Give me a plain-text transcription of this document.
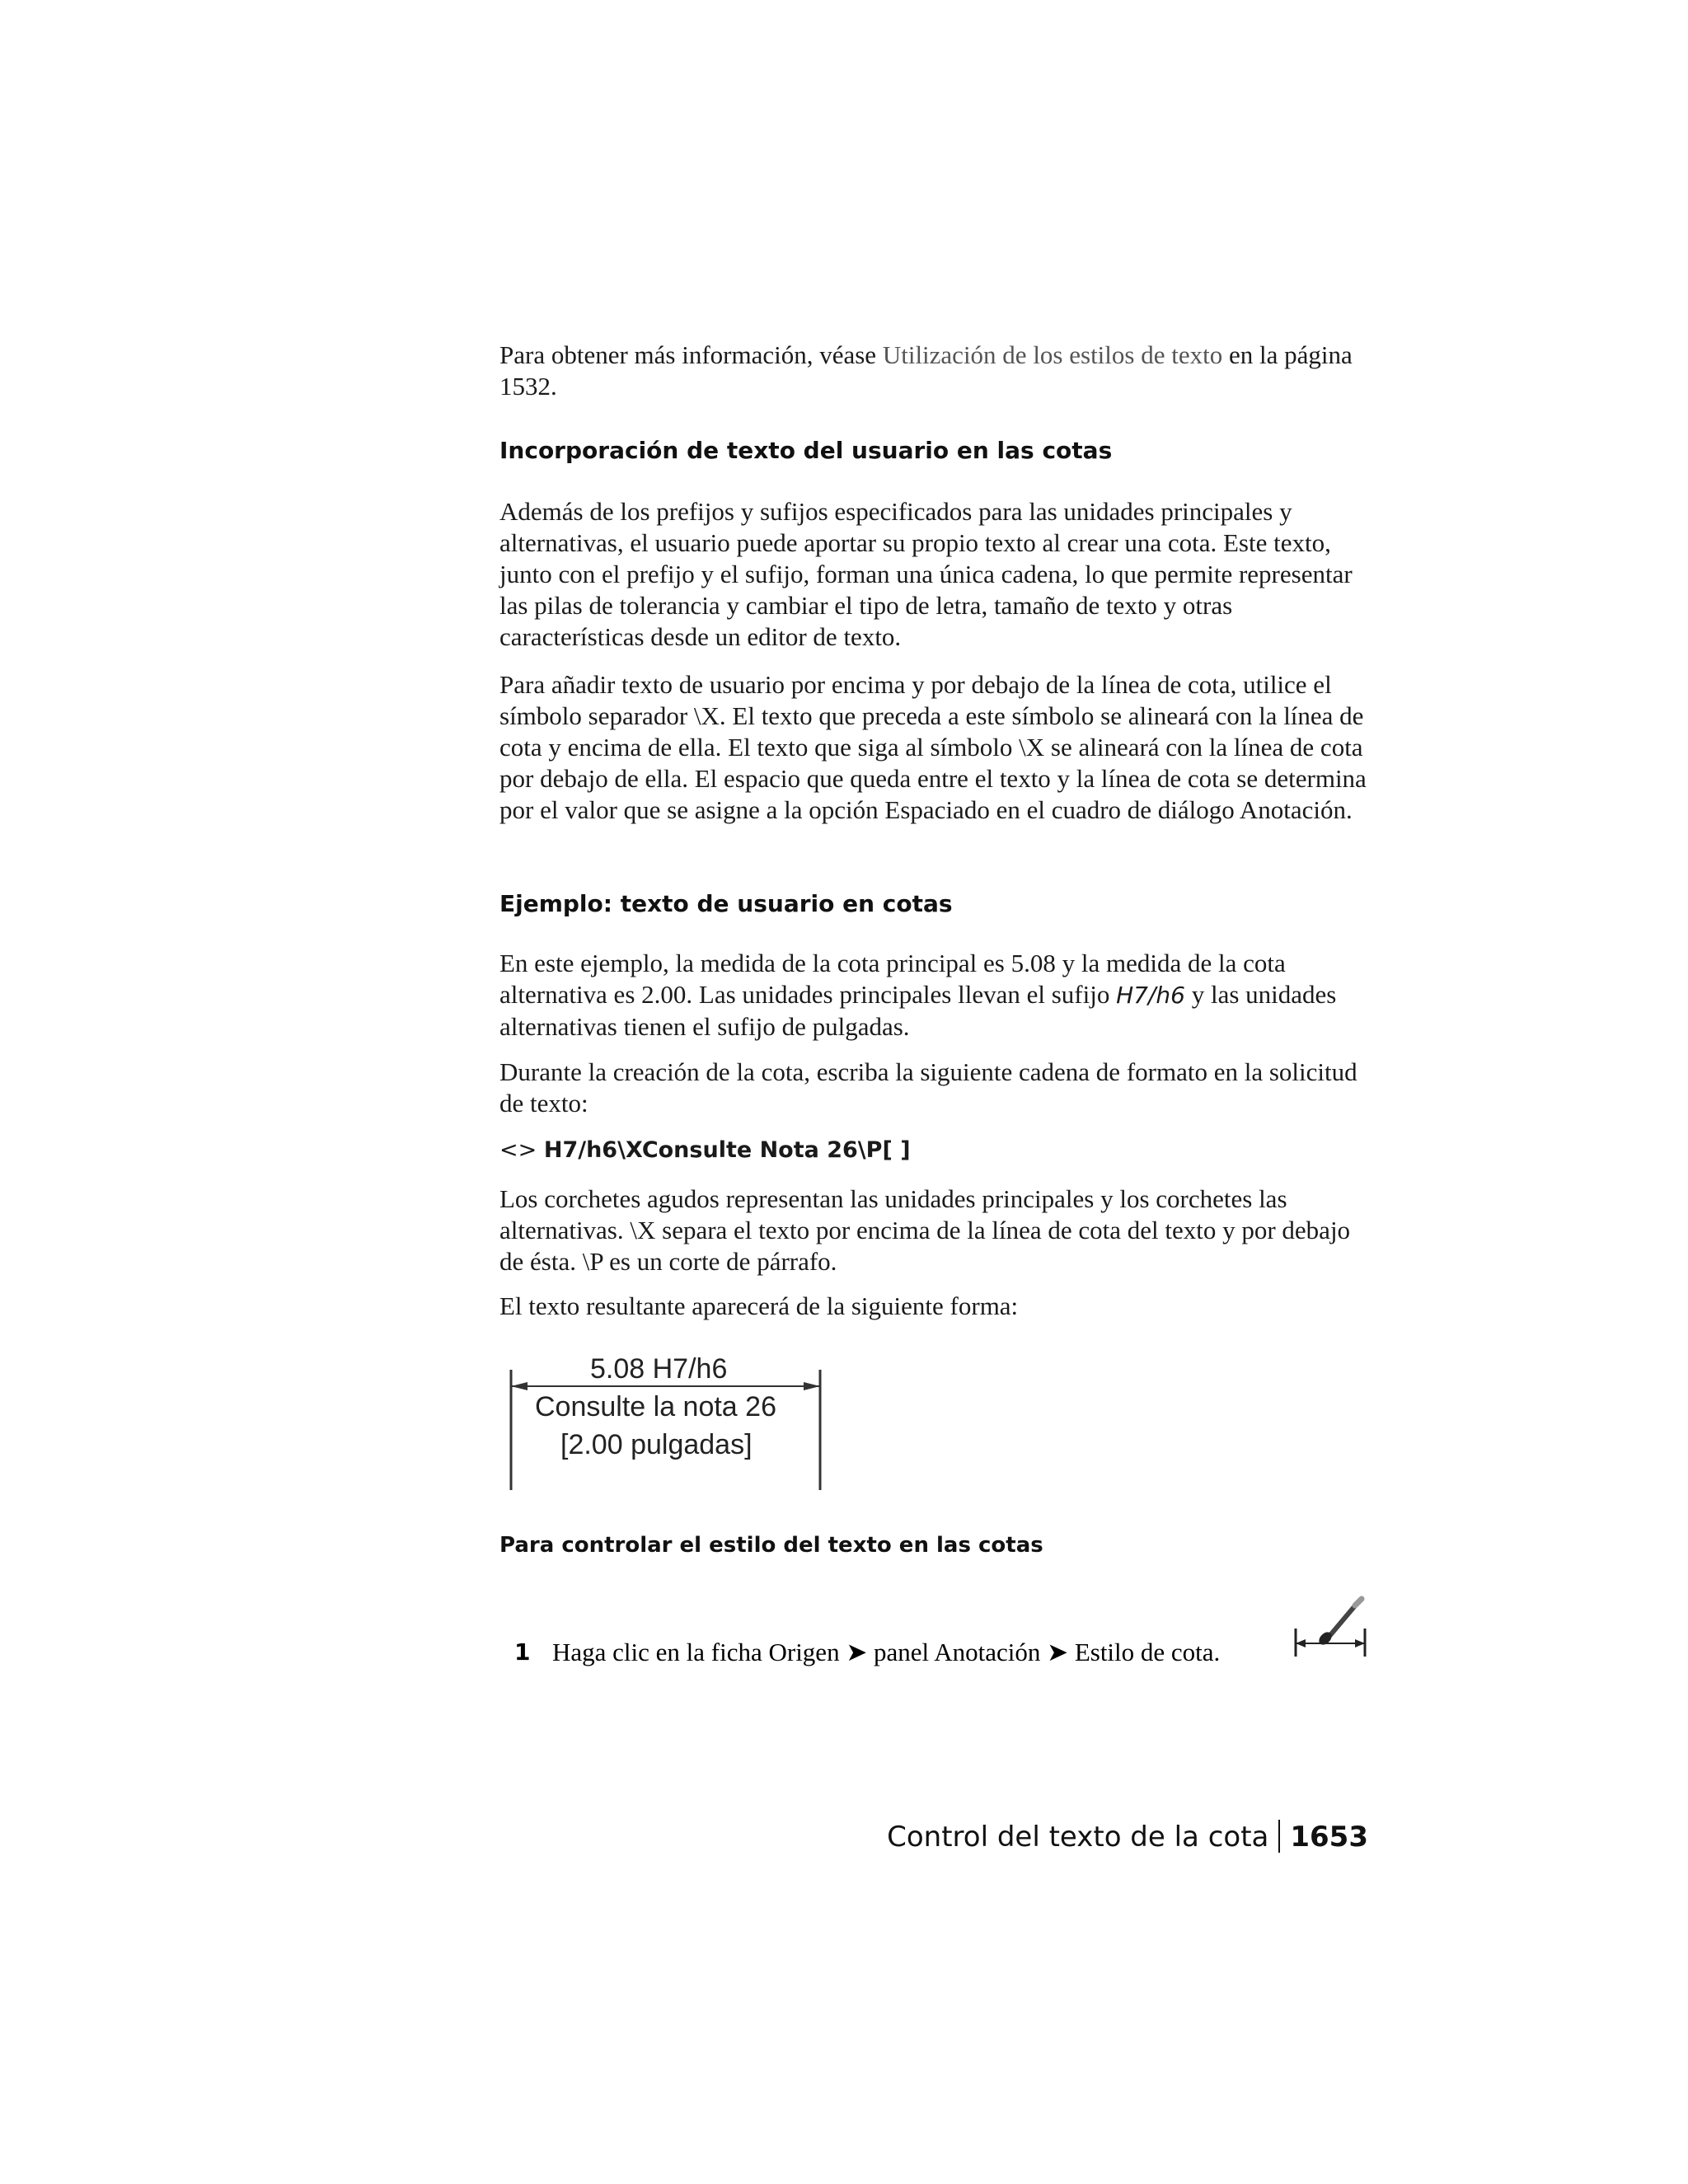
Para obtener más información, véase Utilización de los estilos de texto en la página 1532.

Incorporación de texto del usuario en las cotas

Además de los prefijos y sufijos especificados para las unidades principales y alternativas, el usuario puede aportar su propio texto al crear una cota. Este texto, junto con el prefijo y el sufijo, forman una única cadena, lo que permite representar las pilas de tolerancia y cambiar el tipo de letra, tamaño de texto y otras características desde un editor de texto.

Para añadir texto de usuario por encima y por debajo de la línea de cota, utilice el símbolo separador \X. El texto que preceda a este símbolo se alineará con la línea de cota y encima de ella. El texto que siga al símbolo \X se alineará con la línea de cota por debajo de ella. El espacio que queda entre el texto y la línea de cota se determina por el valor que se asigne a la opción Espaciado en el cuadro de diálogo Anotación.

Ejemplo: texto de usuario en cotas

En este ejemplo, la medida de la cota principal es 5.08 y la medida de la cota alternativa es 2.00. Las unidades principales llevan el sufijo H7/h6 y las unidades alternativas tienen el sufijo de pulgadas.

Durante la creación de la cota, escriba la siguiente cadena de formato en la solicitud de texto:

<> H7/h6\XConsulte Nota 26\P[ ]

Los corchetes agudos representan las unidades principales y los corchetes las alternativas. \X separa el texto por encima de la línea de cota del texto y por debajo de ésta. \P es un corte de párrafo.

El texto resultante aparecerá de la siguiente forma:

5.08 H7/h6
Consulte la nota 26
[2.00 pulgadas]
Para controlar el estilo del texto en las cotas
1 Haga clic en la ficha Origen ➤ panel Anotación ➤ Estilo de cota.
Control del texto de la cota 1653
